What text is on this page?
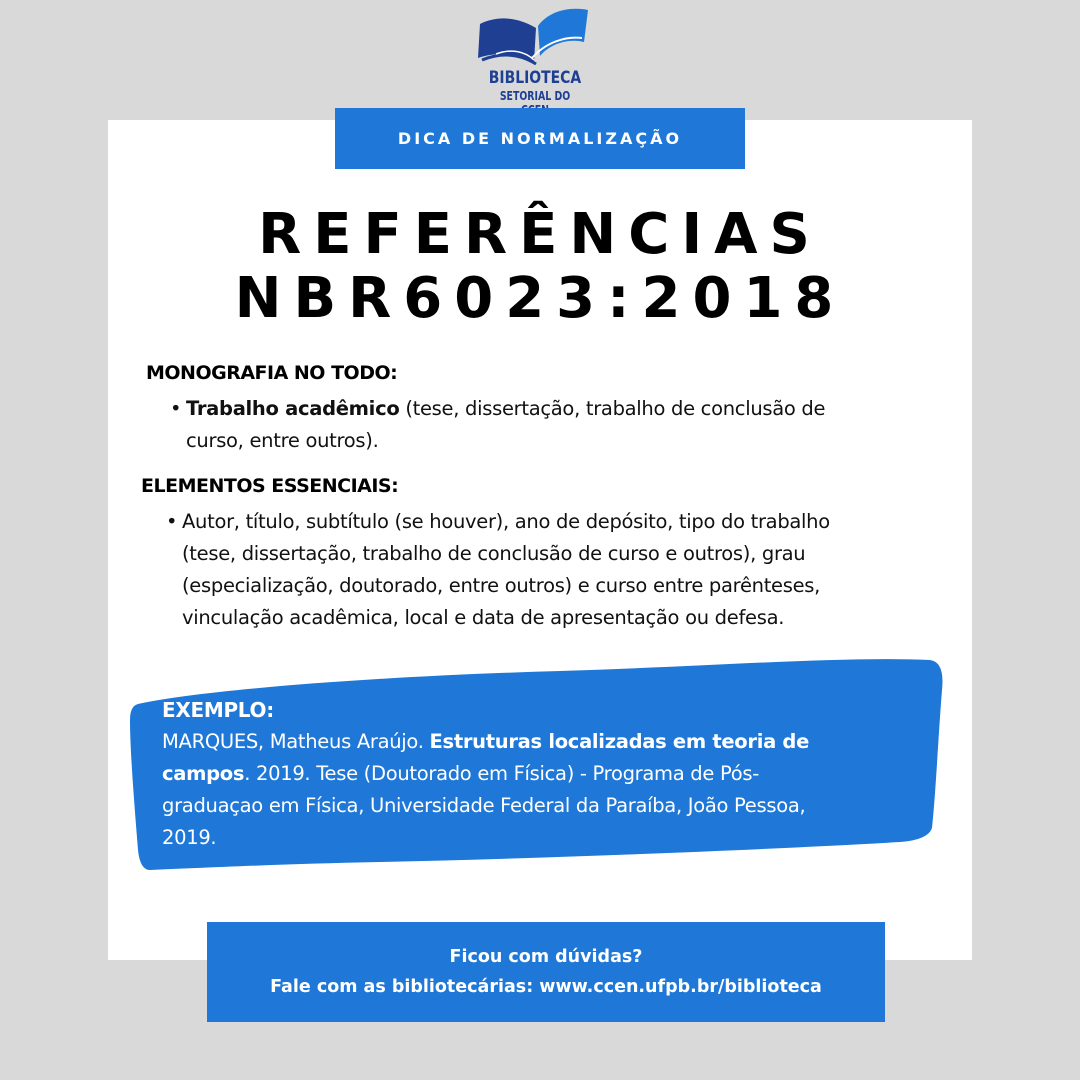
BIBLIOTECA
SETORIAL DO
DICA DE NORMALIZAÇÃO
REFERÊNCIAS
NBR6023:2018
MONOGRAFIA NO TODO:
• Trabalho acadêmico (tese, dissertação, trabalho de conclusão de
curso, entre outros).
ELEMENTOS ESSENCIAIS:
• Autor, título, subtítulo (se houver), ano de depósito, tipo do trabalho
(tese, dissertação, trabalho de conclusão de curso e outros), grau
(especialização, doutorado, entre outros) e curso entre parênteses,
vinculação acadêmica, local e data de apresentação ou defesa.
EXEMPLO:
MARQUES, Matheus Araújo. Estruturas localizadas em teoria de
campos. 2019. Tese (Doutorado em Física) - Programa de Pós-
graduaçao em Física, Universidade Federal da Paraíba, João Pessoa,
2019.
Ficou com dúvidas?
Fale com as bibliotecárias: www.ccen.ufpb.br/biblioteca
